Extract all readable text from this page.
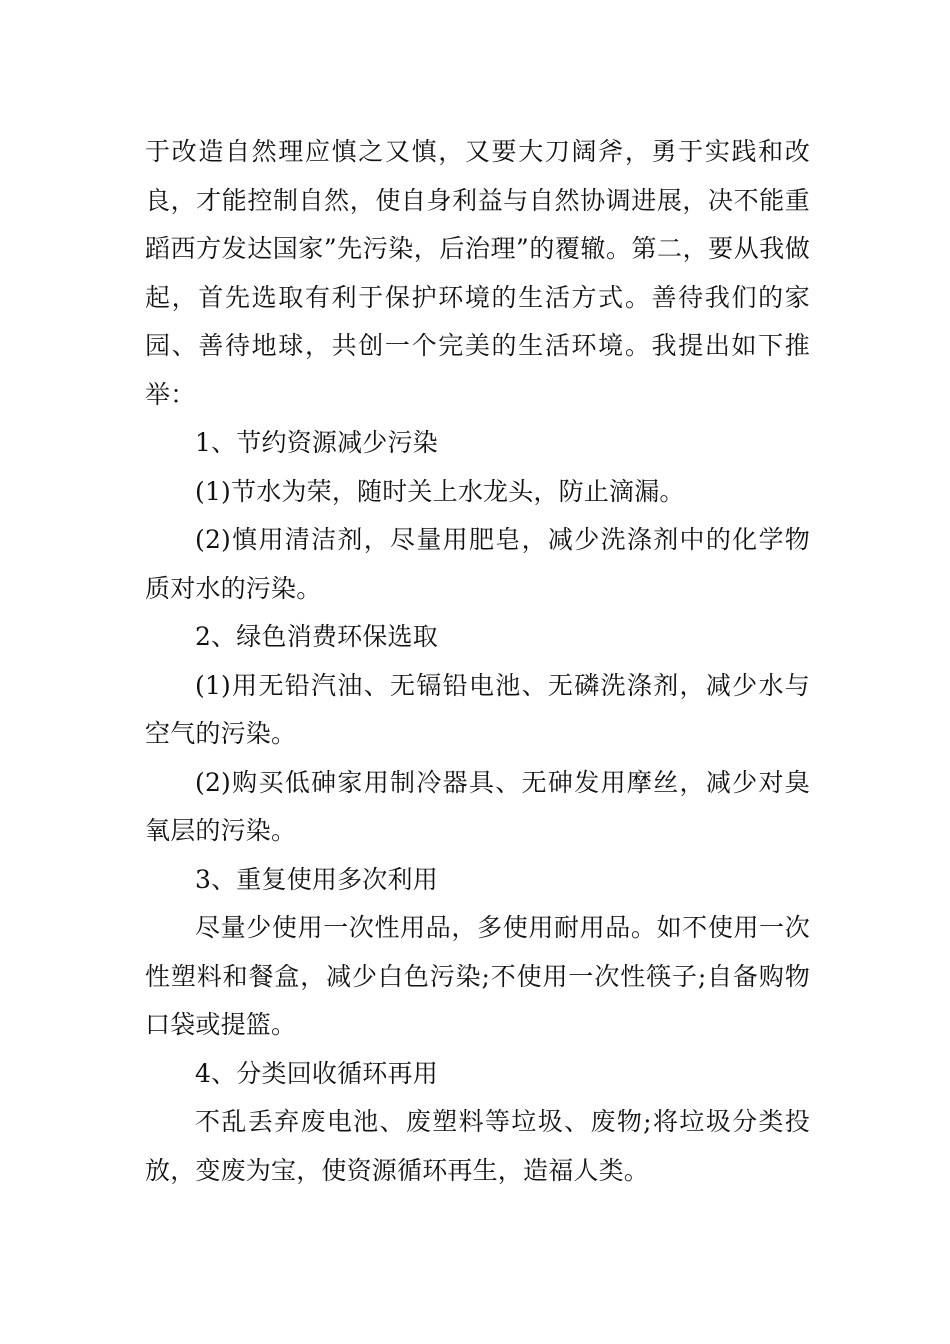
于改造自然理应慎之又慎，又要大刀阔斧，勇于实践和改良，才能控制自然，使自身利益与自然协调进展，决不能重蹈西方发达国家”先污染，后治理”的覆辙。第二，要从我做起，首先选取有利于保护环境的生活方式。善待我们的家园、善待地球，共创一个完美的生活环境。我提出如下推举：

1、节约资源减少污染

(1)节水为荣，随时关上水龙头，防止滴漏。

(2)慎用清洁剂，尽量用肥皂，减少洗涤剂中的化学物质对水的污染。

2、绿色消费环保选取

(1)用无铅汽油、无镉铅电池、无磷洗涤剂，减少水与空气的污染。

(2)购买低砷家用制冷器具、无砷发用摩丝，减少对臭氧层的污染。

3、重复使用多次利用

尽量少使用一次性用品，多使用耐用品。如不使用一次性塑料和餐盒，减少白色污染;不使用一次性筷子;自备购物口袋或提篮。

4、分类回收循环再用

不乱丢弃废电池、废塑料等垃圾、废物;将垃圾分类投放，变废为宝，使资源循环再生，造福人类。
